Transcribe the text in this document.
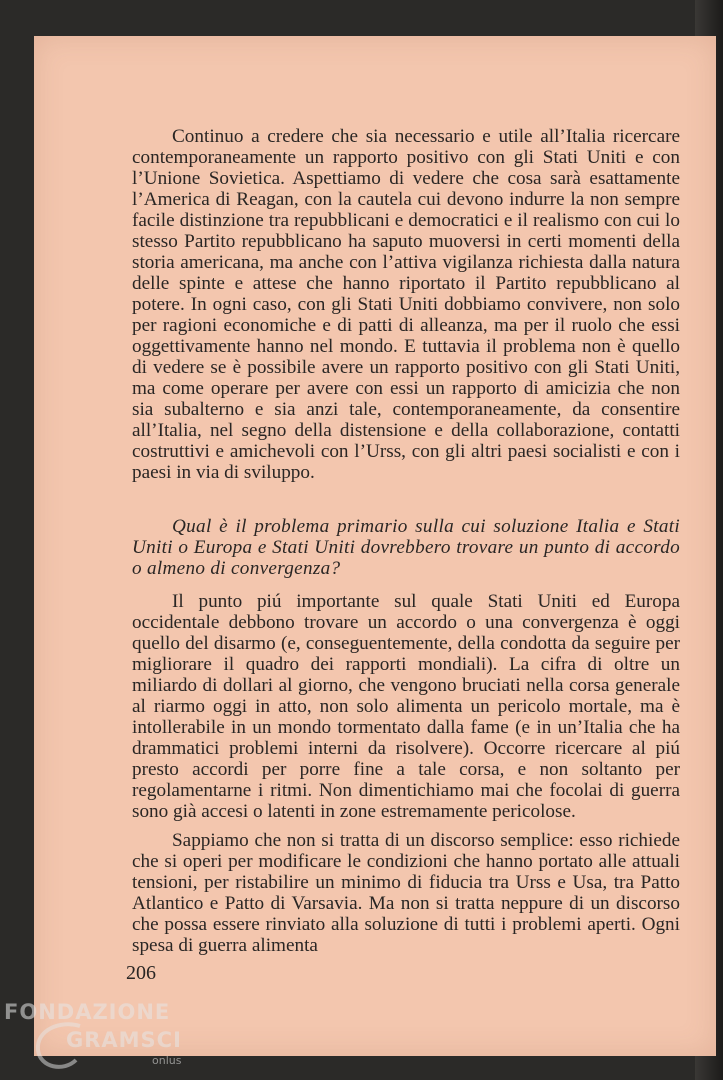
Continuo a credere che sia necessario e utile all’Italia ricercare contemporaneamente un rapporto positivo con gli Stati Uniti e con l’Unione Sovietica. Aspettiamo di vedere che cosa sarà esattamente l’America di Reagan, con la cautela cui devono indurre la non sempre facile distinzione tra repubblicani e democratici e il realismo con cui lo stesso Partito repubblicano ha saputo muoversi in certi momenti della storia americana, ma anche con l’attiva vigilanza richiesta dalla natura delle spinte e attese che hanno riportato il Partito repubblicano al potere. In ogni caso, con gli Stati Uniti dobbiamo convivere, non solo per ragioni economiche e di patti di alleanza, ma per il ruolo che essi oggettivamente hanno nel mondo. E tuttavia il problema non è quello di vedere se è possibile avere un rapporto positivo con gli Stati Uniti, ma come operare per avere con essi un rapporto di amicizia che non sia subalterno e sia anzi tale, contemporaneamente, da consentire all’Italia, nel segno della distensione e della collaborazione, contatti costruttivi e amichevoli con l’Urss, con gli altri paesi socialisti e con i paesi in via di sviluppo.

Qual è il problema primario sulla cui soluzione Italia e Stati Uniti o Europa e Stati Uniti dovrebbero trovare un punto di accordo o almeno di convergenza?

Il punto piú importante sul quale Stati Uniti ed Europa occidentale debbono trovare un accordo o una convergenza è oggi quello del disarmo (e, conseguentemente, della condotta da seguire per migliorare il quadro dei rapporti mondiali). La cifra di oltre un miliardo di dollari al giorno, che vengono bruciati nella corsa generale al riarmo oggi in atto, non solo alimenta un pericolo mortale, ma è intollerabile in un mondo tormentato dalla fame (e in un’Italia che ha drammatici problemi interni da risolvere). Occorre ricercare al piú presto accordi per porre fine a tale corsa, e non soltanto per regolamentarne i ritmi. Non dimentichiamo mai che focolai di guerra sono già accesi o latenti in zone estremamente pericolose.

Sappiamo che non si tratta di un discorso semplice: esso richiede che si operi per modificare le condizioni che hanno portato alle attuali tensioni, per ristabilire un minimo di fiducia tra Urss e Usa, tra Patto Atlantico e Patto di Varsavia. Ma non si tratta neppure di un discorso che possa essere rinviato alla soluzione di tutti i problemi aperti. Ogni spesa di guerra alimenta

206

FONDAZIONE

GRAMSCI

onlus
